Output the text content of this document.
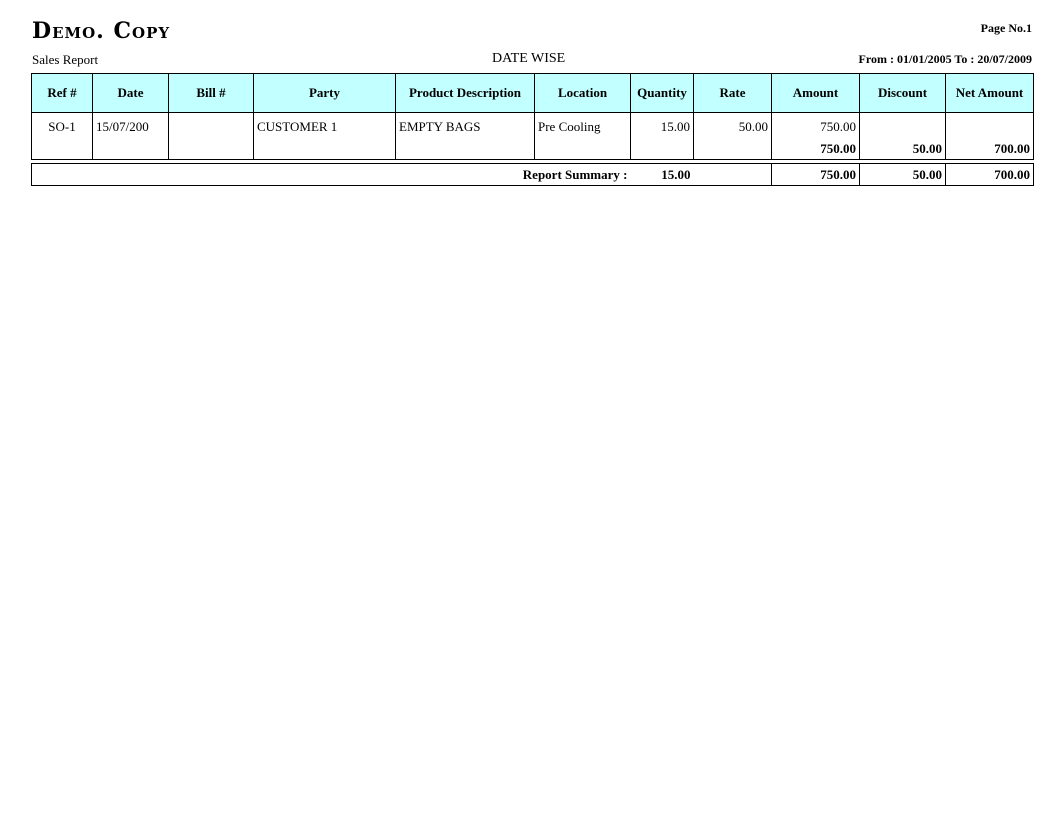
Demo. Copy	Page No.1
Sales Report	DATE WISE	From : 01/01/2005 To : 20/07/2009
Ref #	Date	Bill #	Party	Product Description	Location	Quantity	Rate	Amount	Discount	Net Amount
SO-1	15/07/200		CUSTOMER 1	EMPTY BAGS	Pre Cooling	15.00	50.00	750.00		
								750.00	50.00	700.00
Report Summary :	15.00		750.00	50.00	700.00
